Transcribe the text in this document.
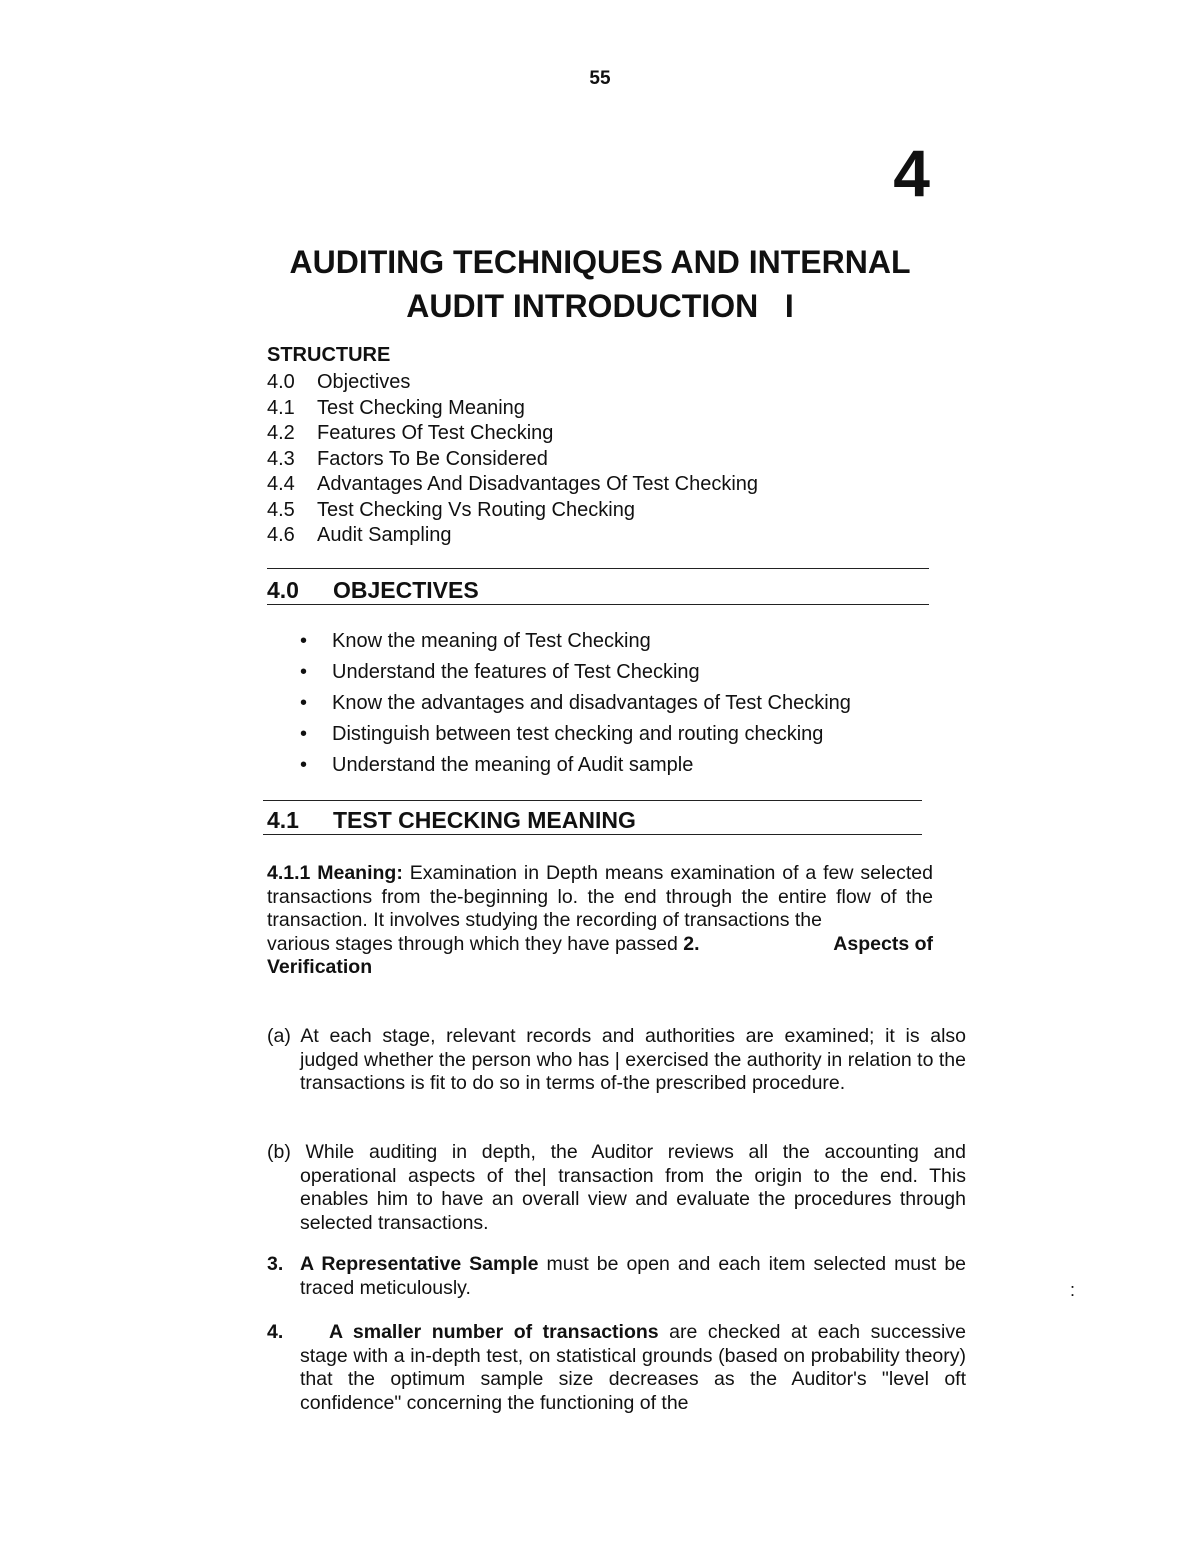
55
4
AUDITING TECHNIQUES AND INTERNAL
AUDIT INTRODUCTION   I
STRUCTURE
4.0 Objectives
4.1 Test Checking Meaning
4.2 Features Of Test Checking
4.3 Factors To Be Considered
4.4 Advantages And Disadvantages Of Test Checking
4.5 Test Checking Vs Routing Checking
4.6 Audit Sampling
4.0 OBJECTIVES
• Know the meaning of Test Checking
• Understand the features of Test Checking
• Know the advantages and disadvantages of Test Checking
• Distinguish between test checking and routing checking
• Understand the meaning of Audit sample
4.1 TEST CHECKING MEANING
4.1.1 Meaning: Examination in Depth means examination of a few selected transactions from the-beginning lo. the end through the entire flow of the transaction. It involves studying the recording of transactions the
various stages through which they have passed 2.	Aspects of
Verification
(a) At each stage, relevant records and authorities are examined; it is also judged whether the person who has | exercised the authority in relation to the transactions is fit to do so in terms of-the prescribed procedure.
(b) While auditing in depth, the Auditor reviews all the accounting and operational aspects of the| transaction from the origin to the end. This enables him to have an overall view and evaluate the procedures through selected transactions.
3. A Representative Sample must be open and each item selected must be traced meticulously.	:
4. A smaller number of transactions are checked at each successive stage with a in-depth test, on statistical grounds (based on probability theory) that the optimum sample size decreases as the Auditor's "level oft confidence" concerning the functioning of the
